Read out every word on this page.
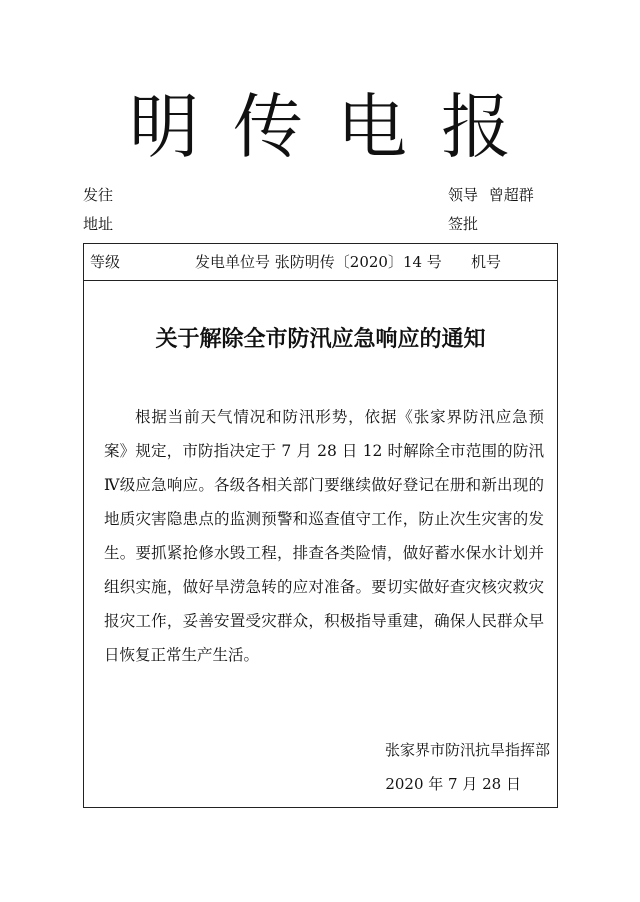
明传电报
发往
地址
领导 曾超群
签批
等级	发电单位号 张防明传〔2020〕14 号 机号
关于解除全市防汛应急响应的通知
根据当前天气情况和防汛形势，依据《张家界防汛应急预案》规定，市防指决定于 7 月 28 日 12 时解除全市范围的防汛Ⅳ级应急响应。各级各相关部门要继续做好登记在册和新出现的地质灾害隐患点的监测预警和巡查值守工作，防止次生灾害的发生。要抓紧抢修水毁工程，排查各类险情，做好蓄水保水计划并组织实施，做好旱涝急转的应对准备。要切实做好查灾核灾救灾报灾工作，妥善安置受灾群众，积极指导重建，确保人民群众早日恢复正常生产生活。
张家界市防汛抗旱指挥部
2020 年 7 月 28 日
